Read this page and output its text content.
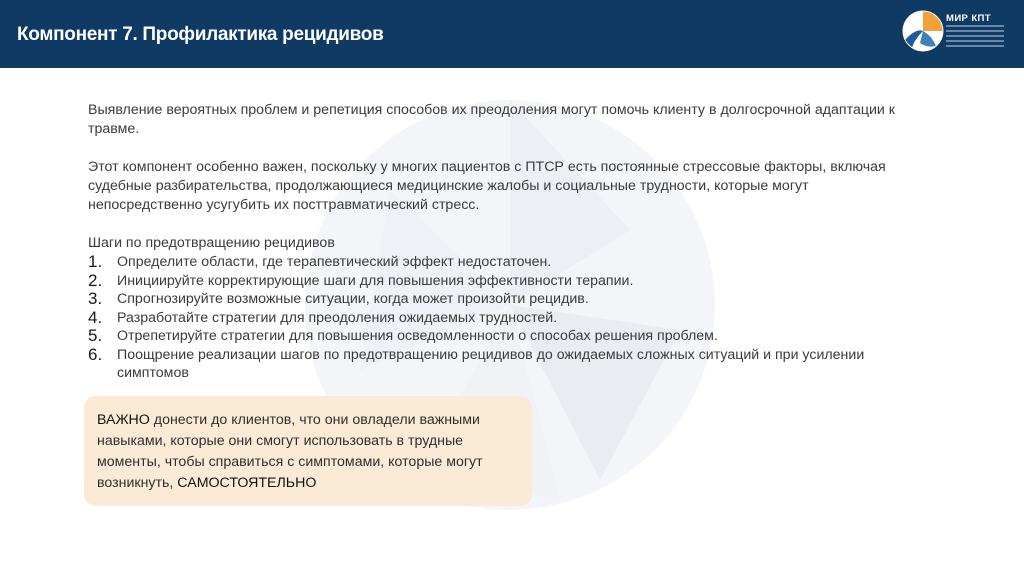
Компонент 7. Профилактика рецидивов
МИР КПТ

Выявление вероятных проблем и репетиция способов их преодоления могут помочь клиенту в долгосрочной адаптации к травме.

Этот компонент особенно важен, поскольку у многих пациентов с ПТСР есть постоянные стрессовые факторы, включая судебные разбирательства, продолжающиеся медицинские жалобы и социальные трудности, которые могут непосредственно усугубить их посттравматический стресс.

Шаги по предотвращению рецидивов

1. Определите области, где терапевтический эффект недостаточен.
2. Инициируйте корректирующие шаги для повышения эффективности терапии.
3. Спрогнозируйте возможные ситуации, когда может произойти рецидив.
4. Разработайте стратегии для преодоления ожидаемых трудностей.
5. Отрепетируйте стратегии для повышения осведомленности о способах решения проблем.
6. Поощрение реализации шагов по предотвращению рецидивов до ожидаемых сложных ситуаций и при усилении симптомов
ВАЖНО донести до клиентов, что они овладели важными навыками, которые они смогут использовать в трудные моменты, чтобы справиться с симптомами, которые могут возникнуть, САМОСТОЯТЕЛЬНО
